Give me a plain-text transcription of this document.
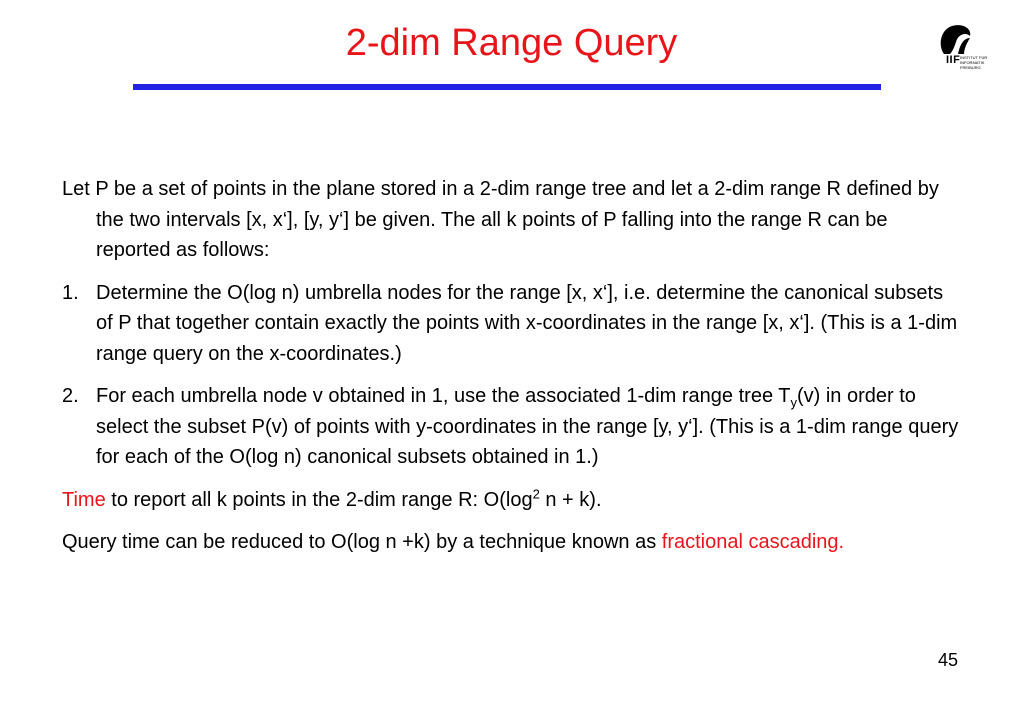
2-dim Range Query	IIF INSTITUT FÜR INFORMATIK FREIBURG

Let P be a set of points in the plane stored in a 2-dim range tree and let a 2-dim range R defined by the two intervals [x, x‘], [y, y‘] be given. The all k points of P falling into the range R can be reported as follows:

1. Determine the O(log n) umbrella nodes for the range [x, x‘], i.e. determine the canonical subsets of P that together contain exactly the points with x-coordinates in the range [x, x‘]. (This is a 1-dim range query on the x-coordinates.)
2. For each umbrella node v obtained in 1, use the associated 1-dim range tree $T_y(v)$ in order to select the subset P(v) of points with y-coordinates in the range [y, y‘]. (This is a 1-dim range query for each of the O(log n) canonical subsets obtained in 1.)

Time to report all k points in the 2-dim range R: $O(\log^2$ n + k).

Query time can be reduced to O(log n +k) by a technique known as fractional cascading.

45
